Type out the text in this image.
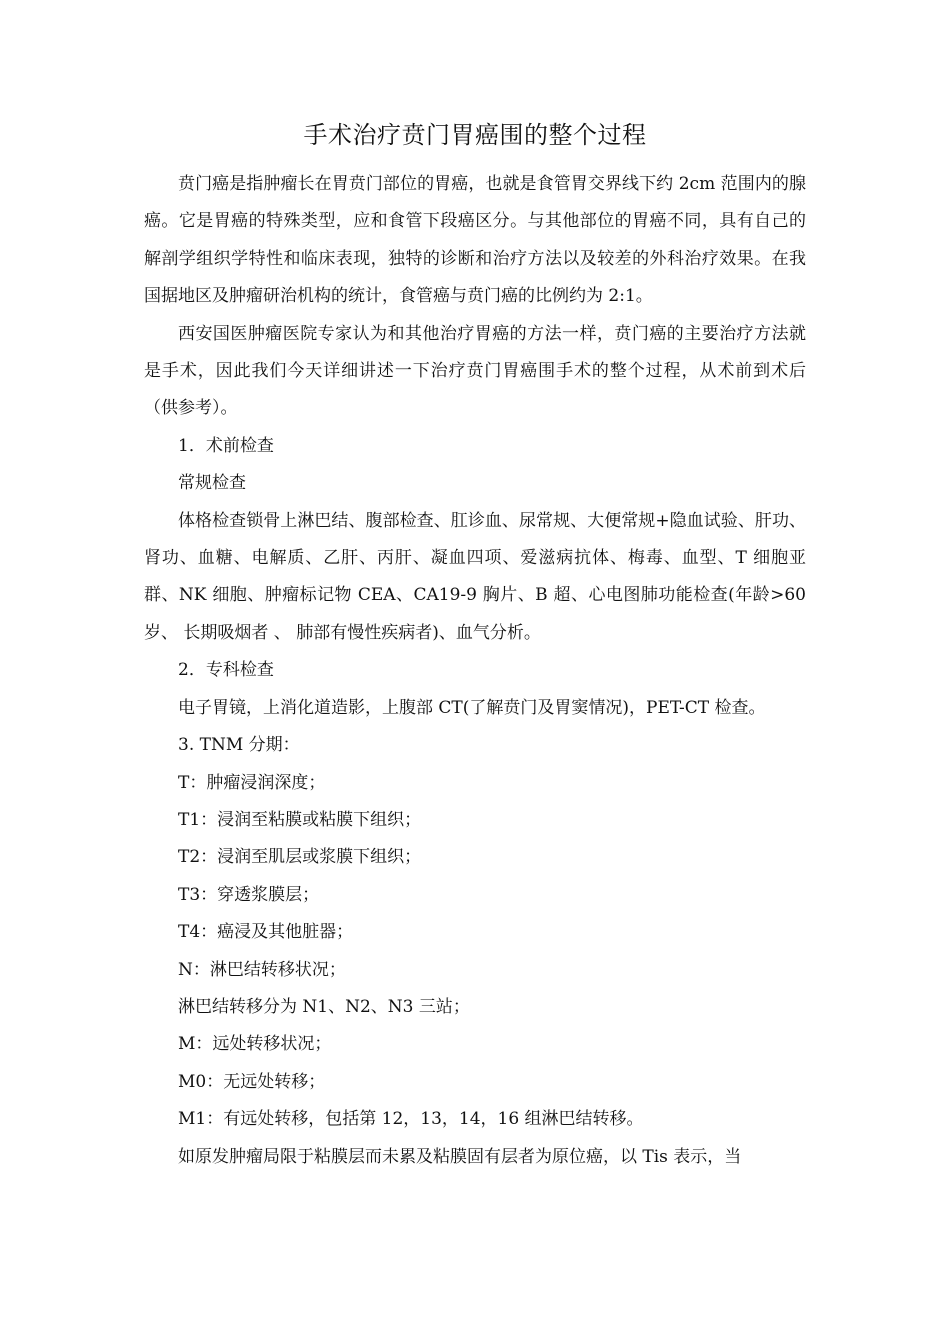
手术治疗贲门胃癌围的整个过程

贲门癌是指肿瘤长在胃贲门部位的胃癌，也就是食管胃交界线下约 2cm 范围内的腺癌。它是胃癌的特殊类型，应和食管下段癌区分。与其他部位的胃癌不同，具有自己的解剖学组织学特性和临床表现，独特的诊断和治疗方法以及较差的外科治疗效果。在我国据地区及肿瘤研治机构的统计，食管癌与贲门癌的比例约为 2:1。

西安国医肿瘤医院专家认为和其他治疗胃癌的方法一样，贲门癌的主要治疗方法就是手术，因此我们今天详细讲述一下治疗贲门胃癌围手术的整个过程，从术前到术后（供参考）。

1．术前检查

常规检查

体格检查锁骨上淋巴结、腹部检查、肛诊血、尿常规、大便常规+隐血试验、肝功、肾功、血糖、电解质、乙肝、丙肝、凝血四项、爱滋病抗体、梅毒、血型、T 细胞亚群、NK 细胞、肿瘤标记物 CEA、CA19-9 胸片、B 超、心电图肺功能检查(年龄>60 岁、 长期吸烟者 、 肺部有慢性疾病者)、血气分析。

2．专科检查

电子胃镜，上消化道造影，上腹部 CT(了解贲门及胃窦情况)，PET-CT 检查。

3. TNM 分期：

T：肿瘤浸润深度；

T1：浸润至粘膜或粘膜下组织；

T2：浸润至肌层或浆膜下组织；

T3：穿透浆膜层；

T4：癌浸及其他脏器；

N：淋巴结转移状况；

淋巴结转移分为 N1、N2、N3 三站；

M：远处转移状况；

M0：无远处转移；

M1：有远处转移，包括第 12，13，14，16 组淋巴结转移。

如原发肿瘤局限于粘膜层而未累及粘膜固有层者为原位癌，以 Tis 表示，当
